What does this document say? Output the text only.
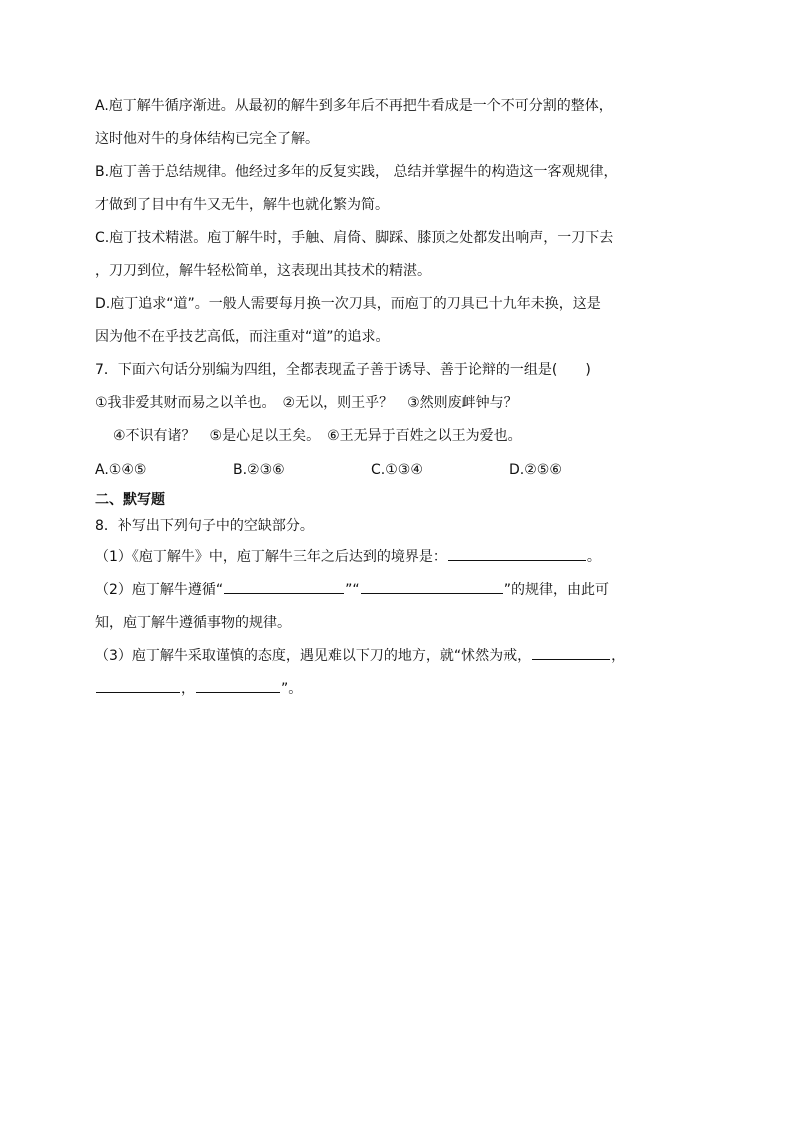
A.庖丁解牛循序渐进。从最初的解牛到多年后不再把牛看成是一个不可分割的整体，
这时他对牛的身体结构已完全了解。
B.庖丁善于总结规律。他经过多年的反复实践， 总结并掌握牛的构造这一客观规律，
才做到了目中有牛又无牛，解牛也就化繁为简。
C.庖丁技术精湛。庖丁解牛时，手触、肩倚、脚踩、膝顶之处都发出响声，一刀下去
，刀刀到位，解牛轻松简单，这表现出其技术的精湛。
D.庖丁追求“道”。一般人需要每月换一次刀具，而庖丁的刀具已十九年未换，这是
因为他不在乎技艺高低，而注重对“道”的追求。
7．下面六句话分别编为四组，全都表现孟子善于诱导、善于论辩的一组是(　　)
①我非爱其财而易之以羊也。　②无以，则王乎？　③然则废衅钟与？
④不识有诸？　⑤是心足以王矣。　⑥王无异于百姓之以王为爱也。
A.①④⑤	B.②③⑥	C.①③④	D.②⑤⑥
二、默写题
8．补写出下列句子中的空缺部分。
（1）《庖丁解牛》中，庖丁解牛三年之后达到的境界是：	。
（2）庖丁解牛遵循“	”“	”的规律，由此可
知，庖丁解牛遵循事物的规律。
（3）庖丁解牛采取谨慎的态度，遇见难以下刀的地方，就“怵然为戒，	，
，	”。
